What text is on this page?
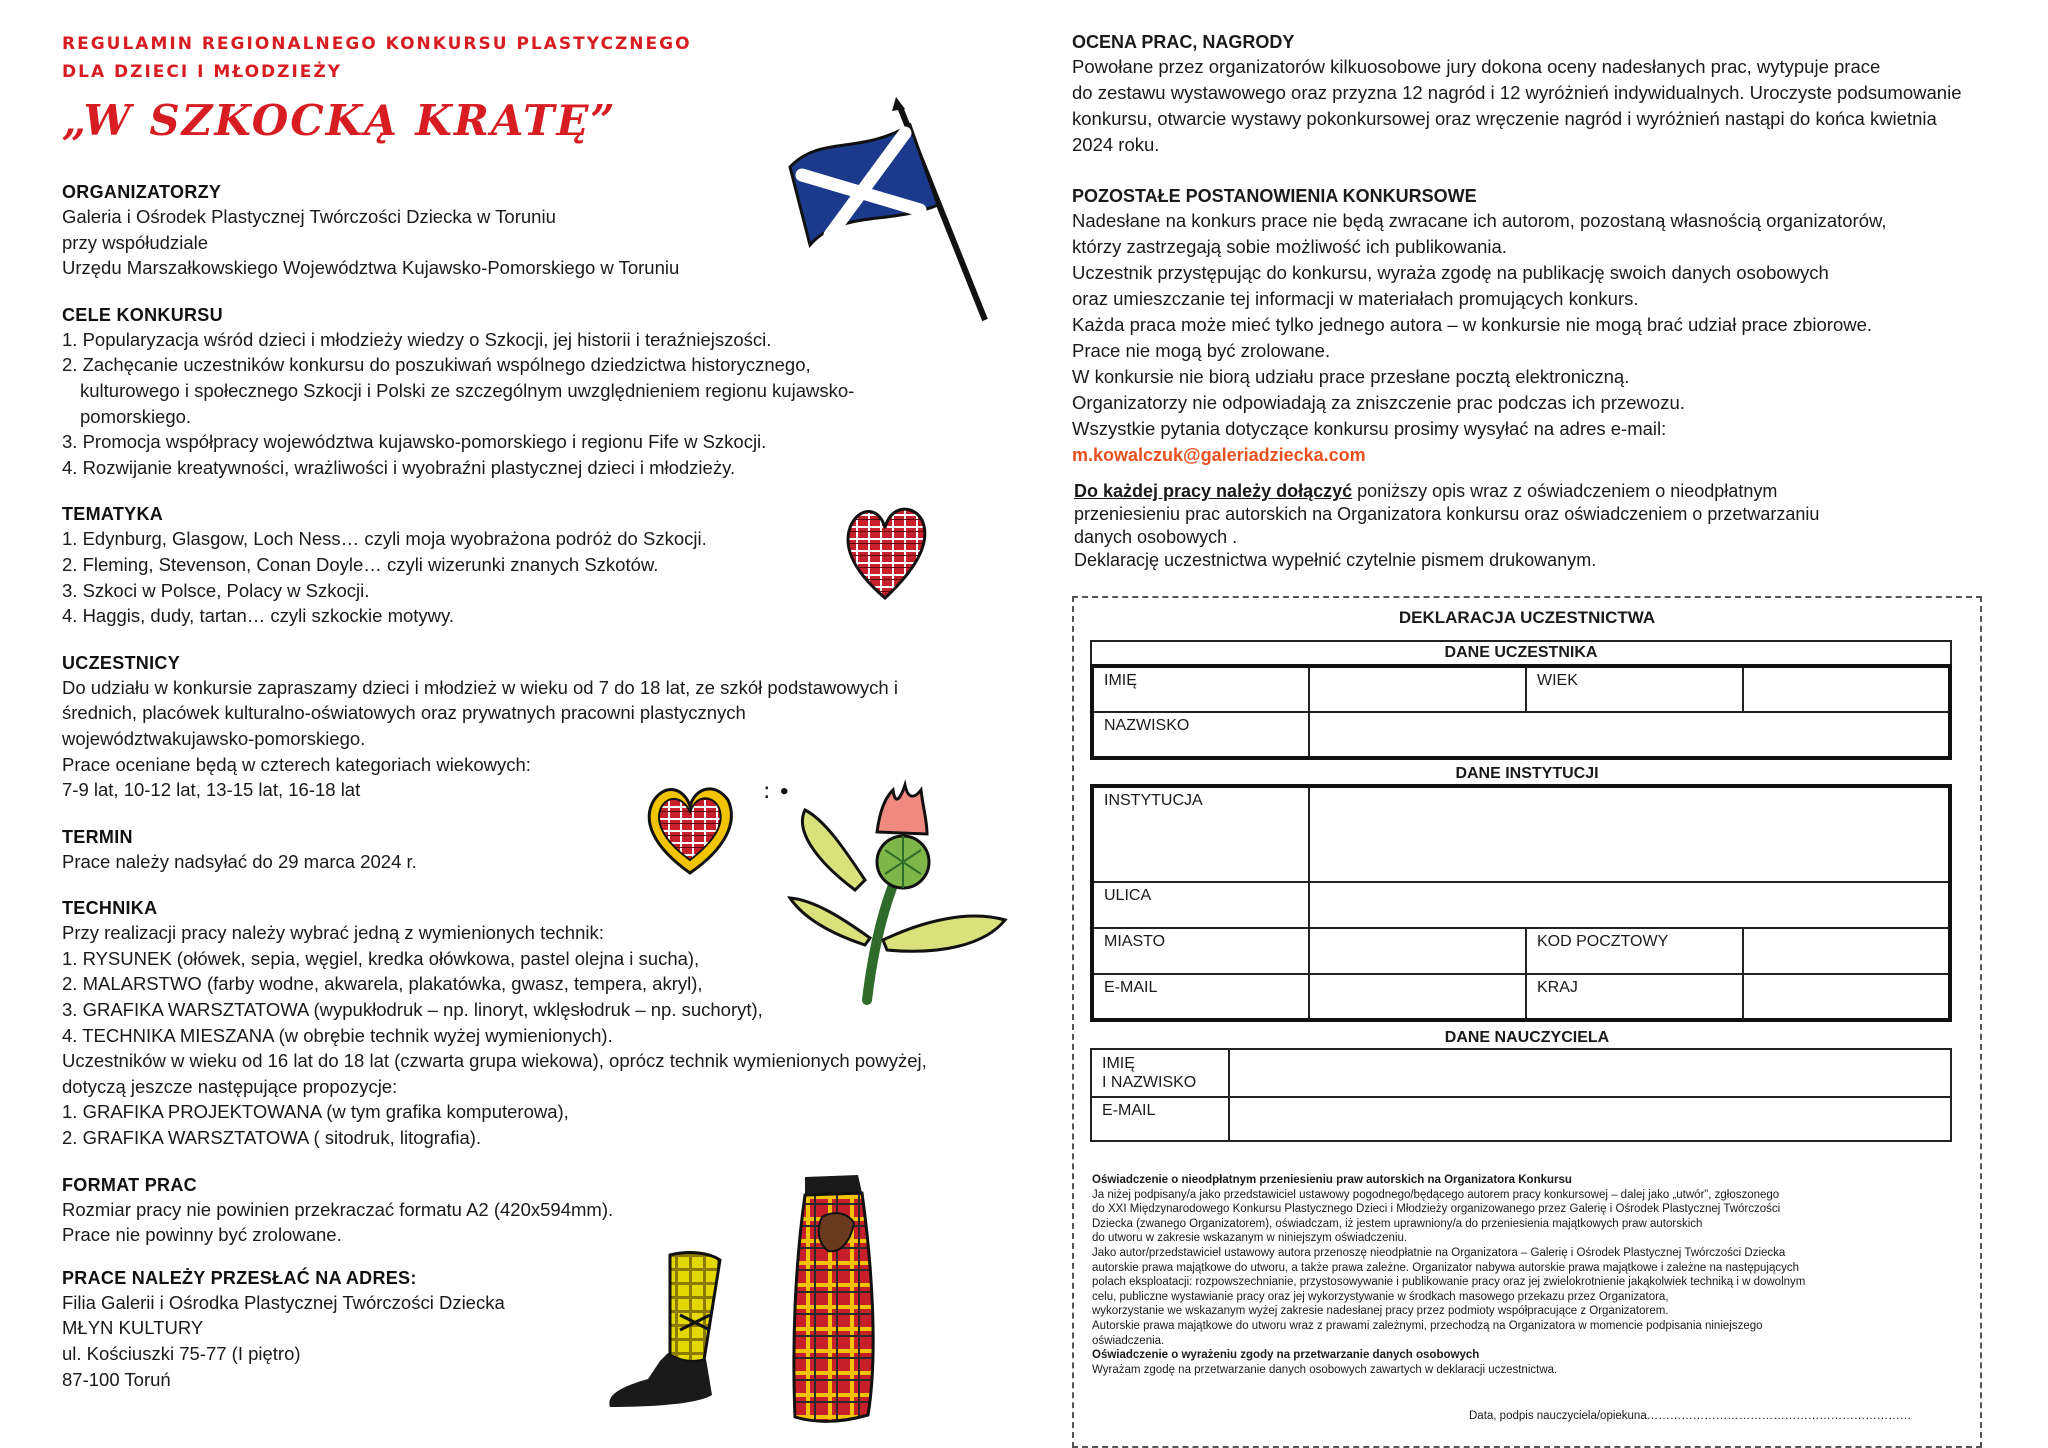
REGULAMIN REGIONALNEGO KONKURSU PLASTYCZNEGO

DLA DZIECI I MŁODZIEŻY

„W SZKOCKĄ KRATĘ”

ORGANIZATORZY

Galeria i Ośrodek Plastycznej Twórczości Dziecka w Toruniu

przy współudziale

Urzędu Marszałkowskiego Województwa Kujawsko-Pomorskiego w Toruniu

CELE KONKURSU
1. Popularyzacja wśród dzieci i młodzieży wiedzy o Szkocji, jej historii i teraźniejszości.
2. Zachęcanie uczestników konkursu do poszukiwań wspólnego dziedzictwa historycznego,
kulturowego i społecznego Szkocji i Polski ze szczególnym uwzględnieniem regionu kujawsko-
pomorskiego.
3. Promocja współpracy województwa kujawsko-pomorskiego i regionu Fife w Szkocji.
4. Rozwijanie kreatywności, wrażliwości i wyobraźni plastycznej dzieci i młodzieży.
TEMATYKA
1. Edynburg, Glasgow, Loch Ness… czyli moja wyobrażona podróż do Szkocji.
2. Fleming, Stevenson, Conan Doyle… czyli wizerunki znanych Szkotów.
3. Szkoci w Polsce, Polacy w Szkocji.
4. Haggis, dudy, tartan… czyli szkockie motywy.
UCZESTNICY

Do udziału w konkursie zapraszamy dzieci i młodzież w wieku od 7 do 18 lat, ze szkół podstawowych i

średnich, placówek kulturalno-oświatowych oraz prywatnych pracowni plastycznych

województwakujawsko-pomorskiego.

Prace oceniane będą w czterech kategoriach wiekowych:

7-9 lat, 10-12 lat, 13-15 lat, 16-18 lat

TERMIN

Prace należy nadsyłać do 29 marca 2024 r.

TECHNIKA

Przy realizacji pracy należy wybrać jedną z wymienionych technik:

1. RYSUNEK (ołówek, sepia, węgiel, kredka ołówkowa, pastel olejna i sucha),

2. MALARSTWO (farby wodne, akwarela, plakatówka, gwasz, tempera, akryl),

3. GRAFIKA WARSZTATOWA (wypukłodruk – np. linoryt, wklęsłodruk – np. suchoryt),

4. TECHNIKA MIESZANA (w obrębie technik wyżej wymienionych).

Uczestników w wieku od 16 lat do 18 lat (czwarta grupa wiekowa), oprócz technik wymienionych powyżej,

dotyczą jeszcze następujące propozycje:

1. GRAFIKA PROJEKTOWANA (w tym grafika komputerowa),

2. GRAFIKA WARSZTATOWA ( sitodruk, litografia).

FORMAT PRAC

Rozmiar pracy nie powinien przekraczać formatu A2 (420x594mm).

Prace nie powinny być zrolowane.

PRACE NALEŻY PRZESŁAĆ NA ADRES:

Filia Galerii i Ośrodka Plastycznej Twórczości Dziecka

MŁYN KULTURY

ul. Kościuszki 75-77 (I piętro)

87-100 Toruń

: ∙
OCENA PRAC, NAGRODY

Powołane przez organizatorów kilkuosobowe jury dokona oceny nadesłanych prac, wytypuje prace

do zestawu wystawowego oraz przyzna 12 nagród i 12 wyróżnień indywidualnych. Uroczyste podsumowanie

konkursu, otwarcie wystawy pokonkursowej oraz wręczenie nagród i wyróżnień nastąpi do końca kwietnia

2024 roku.

POZOSTAŁE POSTANOWIENIA KONKURSOWE

Nadesłane na konkurs prace nie będą zwracane ich autorom, pozostaną własnością organizatorów,

którzy zastrzegają sobie możliwość ich publikowania.

Uczestnik przystępując do konkursu, wyraża zgodę na publikację swoich danych osobowych

oraz umieszczanie tej informacji w materiałach promujących konkurs.

Każda praca może mieć tylko jednego autora – w konkursie nie mogą brać udział prace zbiorowe.

Prace nie mogą być zrolowane.

W konkursie nie biorą udziału prace przesłane pocztą elektroniczną.

Organizatorzy nie odpowiadają za zniszczenie prac podczas ich przewozu.

Wszystkie pytania dotyczące konkursu prosimy wysyłać na adres e-mail:

m.kowalczuk@galeriadziecka.com
Do każdej pracy należy dołączyć poniższy opis wraz z oświadczeniem o nieodpłatnym
przeniesieniu prac autorskich na Organizatora konkursu oraz oświadczeniem o przetwarzaniu
danych osobowych .
Deklarację uczestnictwa wypełnić czytelnie pismem drukowanym.
DEKLARACJA UCZESTNICTWA
DANE UCZESTNIKA
IMIĘ		WIEK	
NAZWISKO			
DANE INSTYTUCJI
INSTYTUCJA			
ULICA			
MIASTO		KOD POCZTOWY	
E-MAIL		KRAJ	
DANE NAUCZYCIELA
IMIĘ
I NAZWISKO	

E-MAIL	
Oświadczenie o nieodpłatnym przeniesieniu praw autorskich na Organizatora Konkursu
Ja niżej podpisany/a jako przedstawiciel ustawowy pogodnego/będącego autorem pracy konkursowej – dalej jako „utwór”, zgłoszonego
do XXI Międzynarodowego Konkursu Plastycznego Dzieci i Młodzieży organizowanego przez Galerię i Ośrodek Plastycznej Twórczości
Dziecka (zwanego Organizatorem), oświadczam, iż jestem uprawniony/a do przeniesienia majątkowych praw autorskich
do utworu w zakresie wskazanym w niniejszym oświadczeniu.
Jako autor/przedstawiciel ustawowy autora przenoszę nieodpłatnie na Organizatora – Galerię i Ośrodek Plastycznej Twórczości Dziecka
autorskie prawa majątkowe do utworu, a także prawa zależne. Organizator nabywa autorskie prawa majątkowe i zależne na następujących
polach eksploatacji: rozpowszechnianie, przystosowywanie i publikowanie pracy oraz jej zwielokrotnienie jakąkolwiek techniką i w dowolnym
celu, publiczne wystawianie pracy oraz jej wykorzystywanie w środkach masowego przekazu przez Organizatora,
wykorzystanie we wskazanym wyżej zakresie nadesłanej pracy przez podmioty współpracujące z Organizatorem.
Autorskie prawa majątkowe do utworu wraz z prawami zależnymi, przechodzą na Organizatora w momencie podpisania niniejszego
oświadczenia.
Oświadczenie o wyrażeniu zgody na przetwarzanie danych osobowych
Wyrażam zgodę na przetwarzanie danych osobowych zawartych w deklaracji uczestnictwa.
Data, podpis nauczyciela/opiekuna……………………………………………………………
